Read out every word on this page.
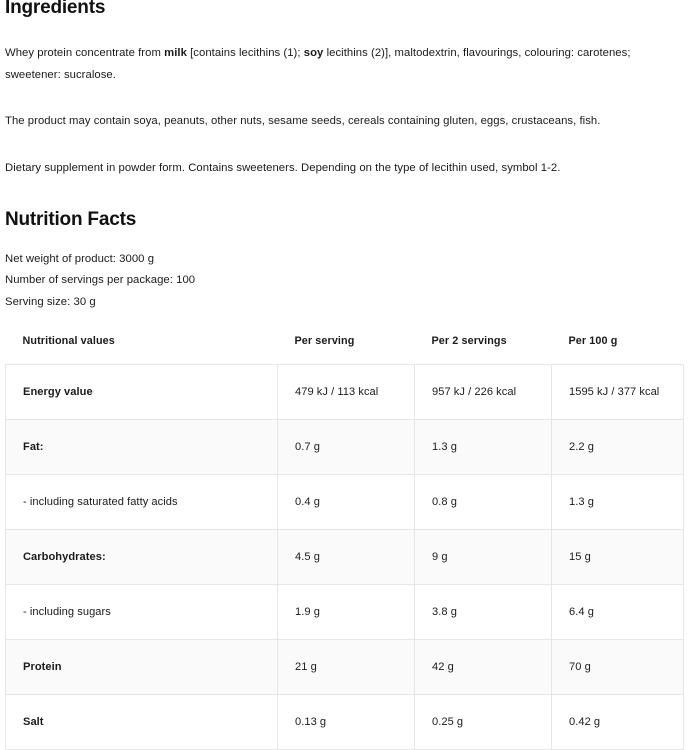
Ingredients

Whey protein concentrate from milk [contains lecithins (1); soy lecithins (2)], maltodextrin, flavourings, colouring: carotenes; sweetener: sucralose.

The product may contain soya, peanuts, other nuts, sesame seeds, cereals containing gluten, eggs, crustaceans, fish.

Dietary supplement in powder form. Contains sweeteners. Depending on the type of lecithin used, symbol 1-2.

Nutrition Facts
Net weight of product: 3000 g
Number of servings per package: 100
Serving size: 30 g
Nutritional values	Per serving	Per 2 servings	Per 100 g
Energy value	479 kJ / 113 kcal	957 kJ / 226 kcal	1595 kJ / 377 kcal
Fat:	0.7 g	1.3 g	2.2 g
- including saturated fatty acids	0.4 g	0.8 g	1.3 g
Carbohydrates:	4.5 g	9 g	15 g
- including sugars	1.9 g	3.8 g	6.4 g
Protein	21 g	42 g	70 g
Salt	0.13 g	0.25 g	0.42 g
